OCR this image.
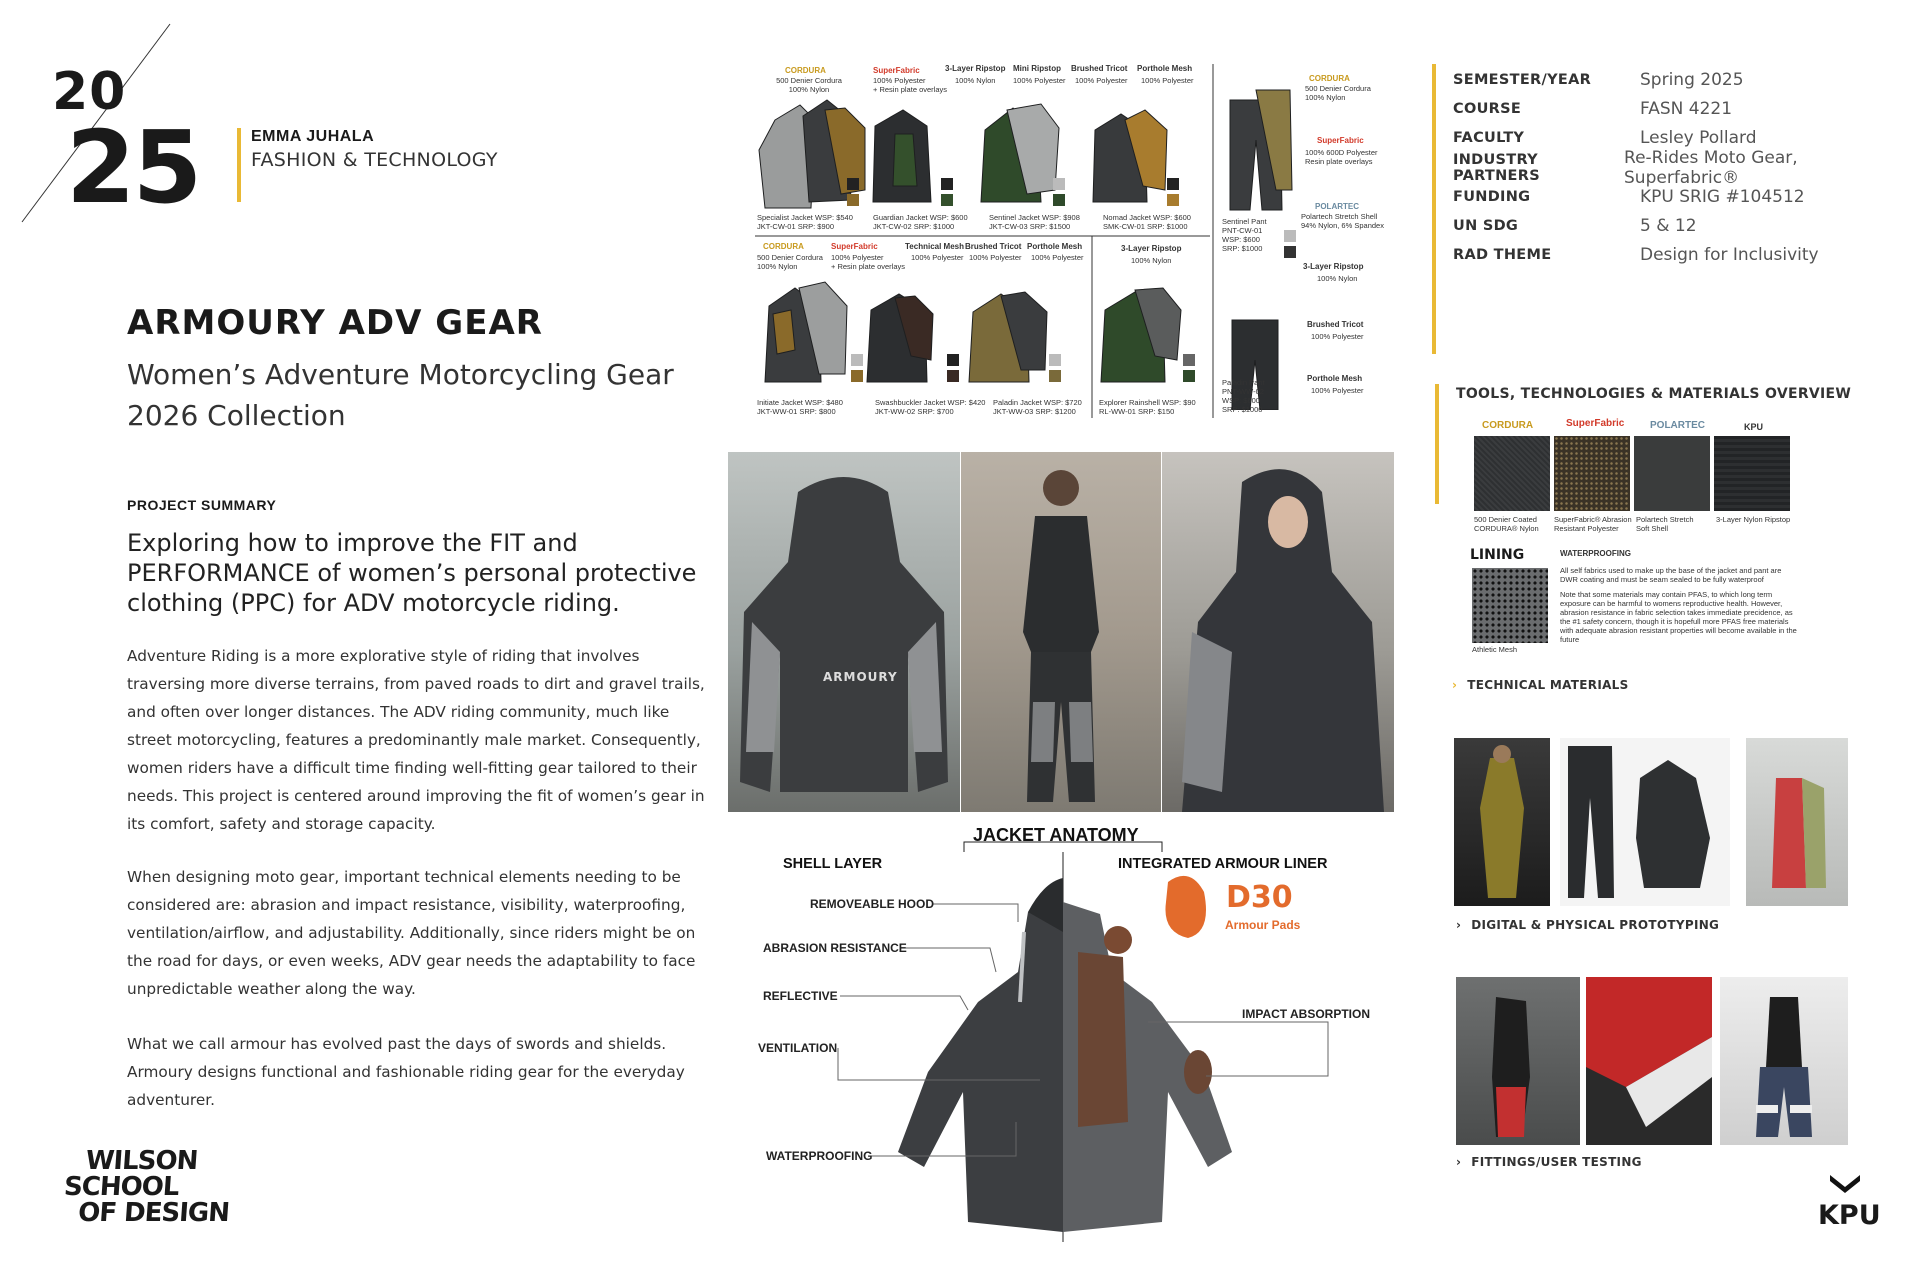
20
25	EMMA JUHALA
FASHION & TECHNOLOGY
ARMOURY ADV GEAR
Women’s Adventure Motorcycling Gear
2026 Collection
PROJECT SUMMARY
Exploring how to improve the FIT and PERFORMANCE of women’s personal protective clothing (PPC) for ADV motorcycle riding.
Adventure Riding is a more explorative style of riding that involves traversing more diverse terrains, from paved roads to dirt and gravel trails, and often over longer distances. The ADV riding community, much like street motorcycling, features a predominantly male market. Consequently, women riders have a difficult time finding well-fitting gear tailored to their needs. This project is centered around improving the fit of women’s gear in its comfort, safety and storage capacity.
When designing moto gear, important technical elements needing to be considered are: abrasion and impact resistance, visibility, waterproofing, ventilation/airflow, and adjustability. Additionally, since riders might be on the road for days, or even weeks, ADV gear needs the adaptability to face unpredictable weather along the way.
What we call armour has evolved past the days of swords and shields. Armoury designs functional and fashionable riding gear for the everyday adventurer.
WILSON
SCHOOL
OF DESIGN	KPU
CORDURA
500 Denier Cordura
100% Nylon
SuperFabric
100% Polyester
+ Resin plate overlays
3-Layer Ripstop
100% Nylon
Mini Ripstop
100% Polyester
Brushed Tricot
100% Polyester
Porthole Mesh
100% Polyester
Specialist Jacket WSP: $540
JKT-CW-01 SRP: $900
Guardian Jacket WSP: $600
JKT-CW-02 SRP: $1000
Sentinel Jacket WSP: $908
JKT-CW-03 SRP: $1500
Nomad Jacket WSP: $600
SMK-CW-01 SRP: $1000
CORDURA
500 Denier Cordura
100% Nylon
SuperFabric
100% Polyester
+ Resin plate overlays
Technical Mesh
100% Polyester
Brushed Tricot
100% Polyester
Porthole Mesh
100% Polyester
3-Layer Ripstop
100% Nylon
Initiate Jacket WSP: $480
JKT-WW-01 SRP: $800
Swashbuckler Jacket WSP: $420
JKT-WW-02 SRP: $700
Paladin Jacket WSP: $720
JKT-WW-03 SRP: $1200
Explorer Rainshell WSP: $90
RL-WW-01 SRP: $150
Sentinel Pant
PNT-CW-01
WSP: $600
SRP: $1000
Paladin Pant
PNT-WW-02
WSP: $600
SRP: $1000
CORDURA
500 Denier Cordura
100% Nylon
SuperFabric
100% 600D Polyester
Resin plate overlays
POLARTEC
Polartech Stretch Shell
94% Nylon, 6% Spandex
3-Layer Ripstop
100% Nylon
Brushed Tricot
100% Polyester
Porthole Mesh
100% Polyester
ARMOURY
JACKET ANATOMY
SHELL LAYER	INTEGRATED ARMOUR LINER
D30
Armour Pads
REMOVEABLE HOOD
ABRASION RESISTANCE
REFLECTIVE
VENTILATION
WATERPROOFING
IMPACT ABSORPTION
SEMESTER/YEAR	Spring 2025
COURSE	FASN 4221
FACULTY	Lesley Pollard
INDUSTRY PARTNERS
Re-Rides Moto Gear, Superfabric®
FUNDING	KPU SRIG #104512
UN SDG	5 & 12
RAD THEME	Design for Inclusivity
TOOLS, TECHNOLOGIES & MATERIALS OVERVIEW
CORDURA	SuperFabric	POLARTEC	KPU
500 Denier Coated
CORDURA® Nylon
SuperFabric® Abrasion
Resistant Polyester
Polartech Stretch
Soft Shell
3-Layer Nylon Ripstop
LINING
Athletic Mesh
WATERPROOFING
All self fabrics used to make up the base of the jacket and pant are DWR coating and must be seam sealed to be fully waterproof
Note that some materials may contain PFAS, to which long term exposure can be harmful to womens reproductive health. However, abrasion resistance in fabric selection takes immediate precidence, as the #1 safety concern, though it is hopefull more PFAS free materials with adequate abrasion resistant properties will become available in the future
› TECHNICAL MATERIALS
› DIGITAL & PHYSICAL PROTOTYPING
› FITTINGS/USER TESTING
